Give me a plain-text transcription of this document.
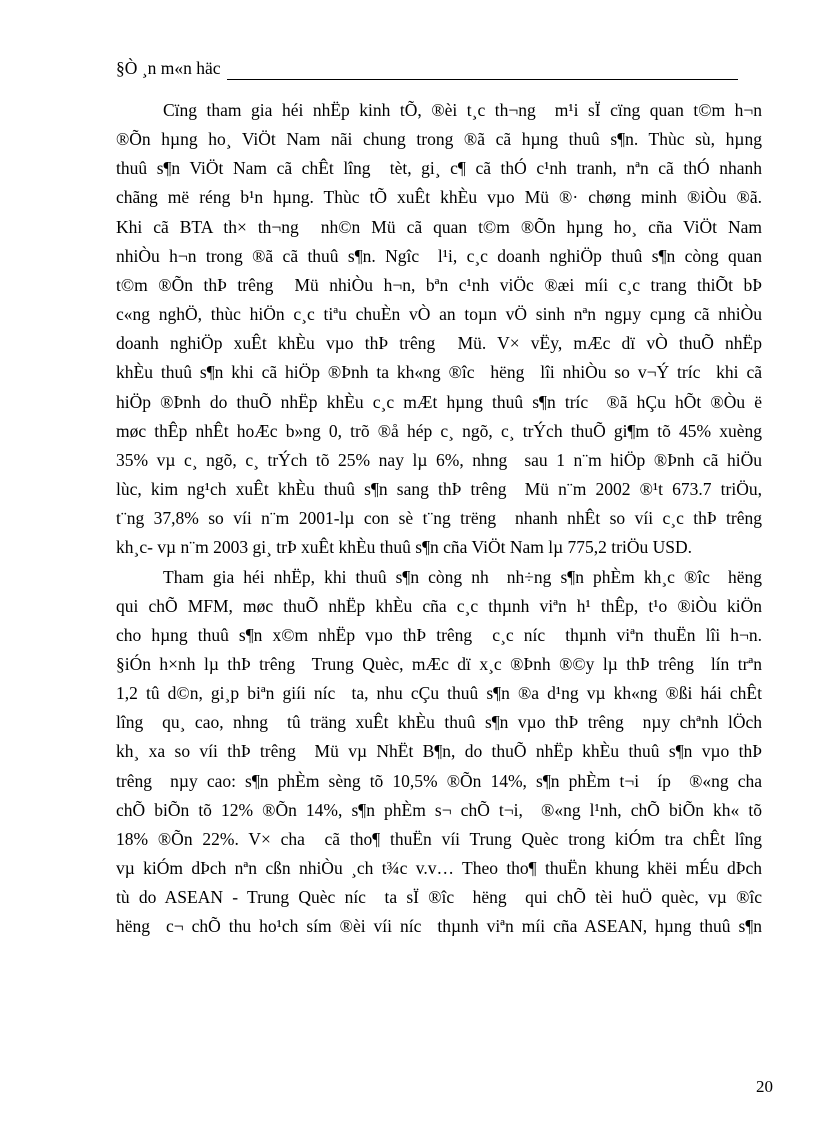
§Ò ¸n m«n häc
Cïng tham gia héi nhËp kinh tÕ, ®èi t¸c th¬ng  m¹i sÏ cïng quan t©m h¬n
®Õn hµng ho¸ ViÖt Nam nãi chung trong ®ã cã hµng thuû s¶n. Thùc sù, hµng
thuû s¶n ViÖt Nam cã chÊt lîng  tèt, gi¸ c¶ cã thÓ c¹nh tranh, nªn cã thÓ nhanh
chãng më réng b¹n hµng. Thùc tÕ xuÊt khÈu vµo Mü ®· chøng minh ®iÒu ®ã.
Khi cã BTA th× th¬ng  nh©n Mü cã quan t©m ®Õn hµng ho¸ cña ViÖt Nam
nhiÒu h¬n trong ®ã cã thuû s¶n. Ngîc  l¹i, c¸c doanh nghiÖp thuû s¶n còng quan
t©m ®Õn thÞ trêng  Mü nhiÒu h¬n, bªn c¹nh viÖc ®æi míi c¸c trang thiÕt bÞ
c«ng nghÖ, thùc hiÖn c¸c tiªu chuÈn vÒ an toµn vÖ sinh nªn ngµy cµng cã nhiÒu
doanh nghiÖp xuÊt khÈu vµo thÞ trêng  Mü. V× vËy, mÆc dï vÒ thuÕ nhËp
khÈu thuû s¶n khi cã hiÖp ®Þnh ta kh«ng ®îc  hëng  lîi nhiÒu so v¬Ý tríc  khi cã
hiÖp ®Þnh do thuÕ nhËp khÈu c¸c mÆt hµng thuû s¶n tríc  ®ã hÇu hÕt ®Òu ë
møc thÊp nhÊt hoÆc b»ng 0, trõ ®å hép c¸ ngõ, c¸ trÝch thuÕ gi¶m tõ 45% xuèng
35% vµ c¸ ngõ, c¸ trÝch tõ 25% nay lµ 6%, nhng  sau 1 n¨m hiÖp ®Þnh cã hiÖu
lùc, kim ng¹ch xuÊt khÈu thuû s¶n sang thÞ trêng  Mü n¨m 2002 ®¹t 673.7 triÖu,
t¨ng 37,8% so víi n¨m 2001-lµ con sè t¨ng trëng  nhanh nhÊt so víi c¸c thÞ trêng
kh¸c- vµ n¨m 2003 gi¸ trÞ xuÊt khÈu thuû s¶n cña ViÖt Nam lµ 775,2 triÖu USD.
Tham gia héi nhËp, khi thuû s¶n còng nh  nh÷ng s¶n phÈm kh¸c ®îc  hëng
qui chÕ MFM, møc thuÕ nhËp khÈu cña c¸c thµnh viªn h¹ thÊp, t¹o ®iÒu kiÖn
cho hµng thuû s¶n x©m nhËp vµo thÞ trêng  c¸c níc  thµnh viªn thuËn lîi h¬n.
§iÓn h×nh lµ thÞ trêng  Trung Quèc, mÆc dï x¸c ®Þnh ®©y lµ thÞ trêng  lín trªn
1,2 tû d©n, gi¸p biªn giíi níc  ta, nhu cÇu thuû s¶n ®a d¹ng vµ kh«ng ®ßi hái chÊt
lîng  qu¸ cao, nhng  tû träng xuÊt khÈu thuû s¶n vµo thÞ trêng  nµy chªnh lÖch
kh¸ xa so víi thÞ trêng  Mü vµ NhËt B¶n, do thuÕ nhËp khÈu thuû s¶n vµo thÞ
trêng  nµy cao: s¶n phÈm sèng tõ 10,5% ®Õn 14%, s¶n phÈm t¬i  íp  ®«ng cha
chÕ biÕn tõ 12% ®Õn 14%, s¶n phÈm s¬ chÕ t¬i,  ®«ng l¹nh, chÕ biÕn kh« tõ
18% ®Õn 22%. V× cha  cã tho¶ thuËn víi Trung Quèc trong kiÓm tra chÊt lîng
vµ kiÓm dÞch nªn cßn nhiÒu ¸ch t¾c v.v… Theo tho¶ thuËn khung khëi mÉu dÞch
tù do ASEAN - Trung Quèc níc  ta sÏ ®îc  hëng  qui chÕ tèi huÖ quèc, vµ ®îc
hëng  c¬ chÕ thu ho¹ch sím ®èi víi níc  thµnh viªn míi cña ASEAN, hµng thuû s¶n
20
